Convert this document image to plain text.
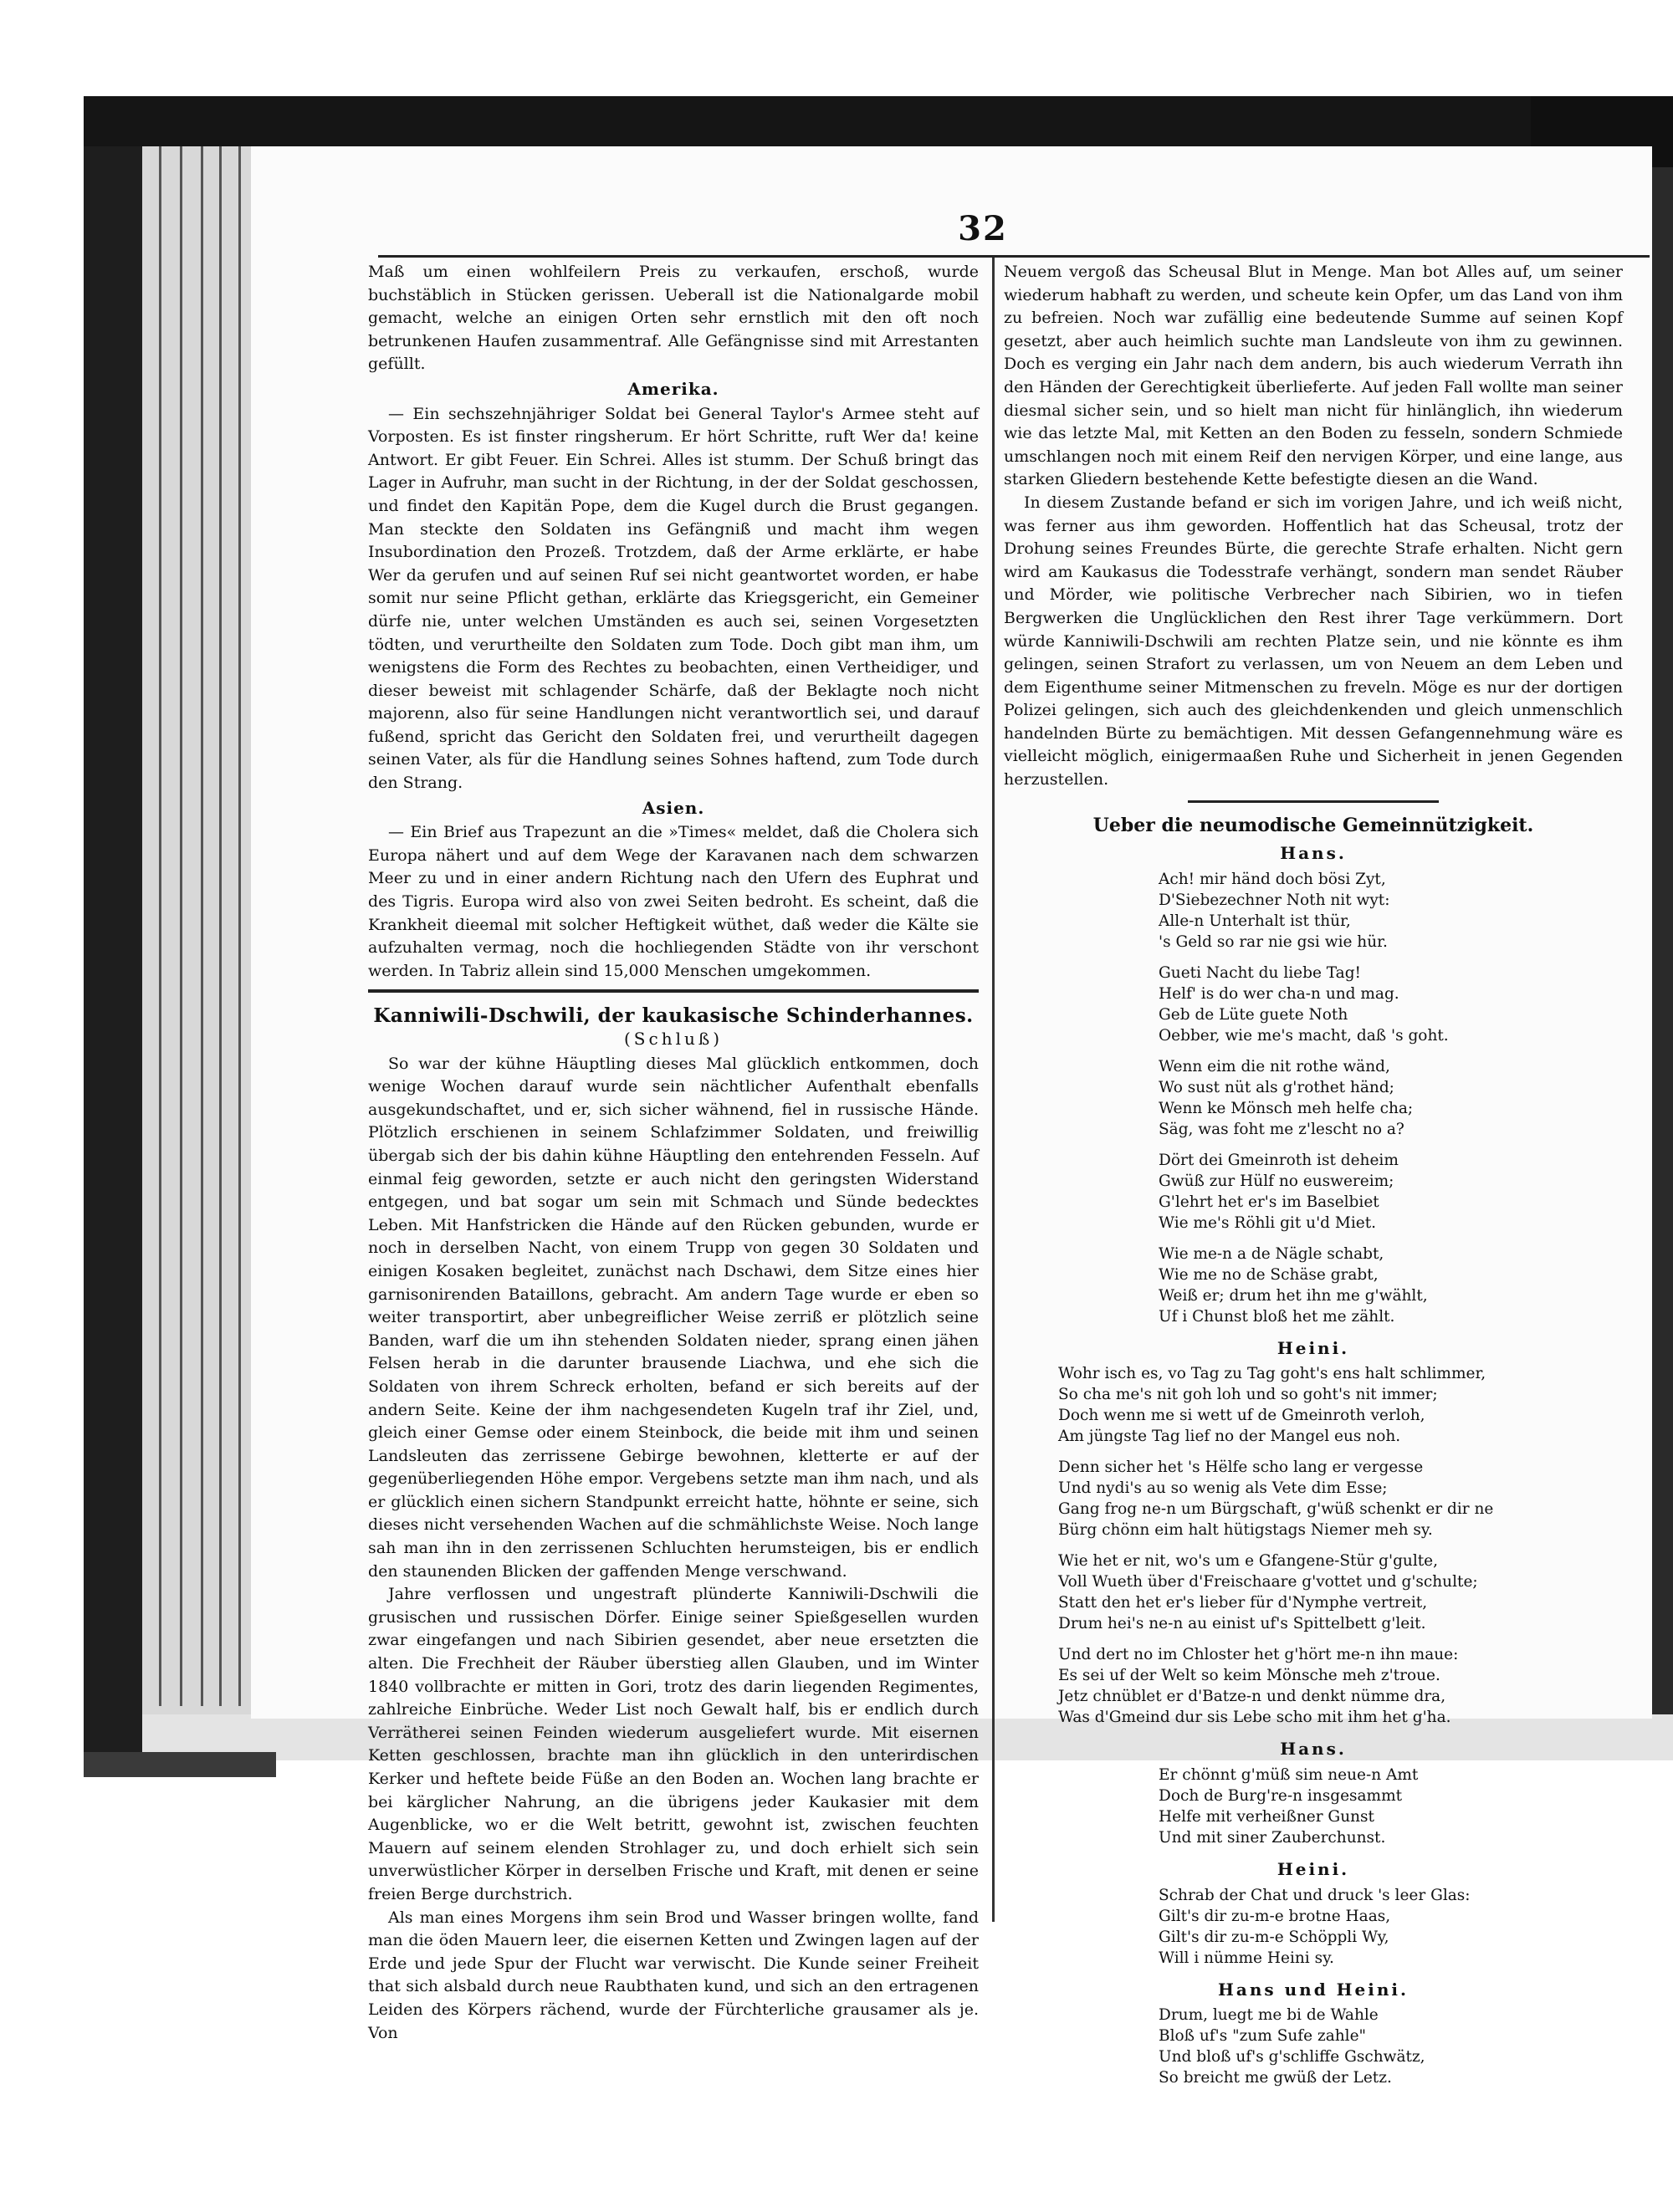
32

Maß um einen wohlfeilern Preis zu verkaufen, erschoß, wurde buchstäblich in Stücken gerissen. Ueberall ist die Nationalgarde mobil gemacht, welche an einigen Orten sehr ernstlich mit den oft noch betrunkenen Haufen zusammentraf. Alle Gefängnisse sind mit Arrestanten gefüllt.

Amerika.

— Ein sechszehnjähriger Soldat bei General Taylor's Armee steht auf Vorposten. Es ist finster ringsherum. Er hört Schritte, ruft Wer da! keine Antwort. Er gibt Feuer. Ein Schrei. Alles ist stumm. Der Schuß bringt das Lager in Aufruhr, man sucht in der Richtung, in der der Soldat geschossen, und findet den Kapitän Pope, dem die Kugel durch die Brust gegangen. Man steckte den Soldaten ins Gefängniß und macht ihm wegen Insubordination den Prozeß. Trotzdem, daß der Arme erklärte, er habe Wer da gerufen und auf seinen Ruf sei nicht geantwortet worden, er habe somit nur seine Pflicht gethan, erklärte das Kriegsgericht, ein Gemeiner dürfe nie, unter welchen Umständen es auch sei, seinen Vorgesetzten tödten, und verurtheilte den Soldaten zum Tode. Doch gibt man ihm, um wenigstens die Form des Rechtes zu beobachten, einen Vertheidiger, und dieser beweist mit schlagender Schärfe, daß der Beklagte noch nicht majorenn, also für seine Handlungen nicht verantwortlich sei, und darauf fußend, spricht das Gericht den Soldaten frei, und verurtheilt dagegen seinen Vater, als für die Handlung seines Sohnes haftend, zum Tode durch den Strang.

Asien.

— Ein Brief aus Trapezunt an die »Times« meldet, daß die Cholera sich Europa nähert und auf dem Wege der Karavanen nach dem schwarzen Meer zu und in einer andern Richtung nach den Ufern des Euphrat und des Tigris. Europa wird also von zwei Seiten bedroht. Es scheint, daß die Krankheit dieemal mit solcher Heftigkeit wüthet, daß weder die Kälte sie aufzuhalten vermag, noch die hochliegenden Städte von ihr verschont werden. In Tabriz allein sind 15,000 Menschen umgekommen.

Kanniwili-Dschwili, der kaukasische Schinderhannes.
(Schluß)

So war der kühne Häuptling dieses Mal glücklich entkommen, doch wenige Wochen darauf wurde sein nächtlicher Aufenthalt ebenfalls ausgekundschaftet, und er, sich sicher wähnend, fiel in russische Hände. Plötzlich erschienen in seinem Schlafzimmer Soldaten, und freiwillig übergab sich der bis dahin kühne Häuptling den entehrenden Fesseln. Auf einmal feig geworden, setzte er auch nicht den geringsten Widerstand entgegen, und bat sogar um sein mit Schmach und Sünde bedecktes Leben. Mit Hanfstricken die Hände auf den Rücken gebunden, wurde er noch in derselben Nacht, von einem Trupp von gegen 30 Soldaten und einigen Kosaken begleitet, zunächst nach Dschawi, dem Sitze eines hier garnisonirenden Bataillons, gebracht. Am andern Tage wurde er eben so weiter transportirt, aber unbegreiflicher Weise zerriß er plötzlich seine Banden, warf die um ihn stehenden Soldaten nieder, sprang einen jähen Felsen herab in die darunter brausende Liachwa, und ehe sich die Soldaten von ihrem Schreck erholten, befand er sich bereits auf der andern Seite. Keine der ihm nachgesendeten Kugeln traf ihr Ziel, und, gleich einer Gemse oder einem Steinbock, die beide mit ihm und seinen Landsleuten das zerrissene Gebirge bewohnen, kletterte er auf der gegenüberliegenden Höhe empor. Vergebens setzte man ihm nach, und als er glücklich einen sichern Standpunkt erreicht hatte, höhnte er seine, sich dieses nicht versehenden Wachen auf die schmählichste Weise. Noch lange sah man ihn in den zerrissenen Schluchten herumsteigen, bis er endlich den staunenden Blicken der gaffenden Menge verschwand.

Jahre verflossen und ungestraft plünderte Kanniwili-Dschwili die grusischen und russischen Dörfer. Einige seiner Spießgesellen wurden zwar eingefangen und nach Sibirien gesendet, aber neue ersetzten die alten. Die Frechheit der Räuber überstieg allen Glauben, und im Winter 1840 vollbrachte er mitten in Gori, trotz des darin liegenden Regimentes, zahlreiche Einbrüche. Weder List noch Gewalt half, bis er endlich durch Verrätherei seinen Feinden wiederum ausgeliefert wurde. Mit eisernen Ketten geschlossen, brachte man ihn glücklich in den unterirdischen Kerker und heftete beide Füße an den Boden an. Wochen lang brachte er bei kärglicher Nahrung, an die übrigens jeder Kaukasier mit dem Augenblicke, wo er die Welt betritt, gewohnt ist, zwischen feuchten Mauern auf seinem elenden Strohlager zu, und doch erhielt sich sein unverwüstlicher Körper in derselben Frische und Kraft, mit denen er seine freien Berge durchstrich.

Als man eines Morgens ihm sein Brod und Wasser bringen wollte, fand man die öden Mauern leer, die eisernen Ketten und Zwingen lagen auf der Erde und jede Spur der Flucht war verwischt. Die Kunde seiner Freiheit that sich alsbald durch neue Raubthaten kund, und sich an den ertragenen Leiden des Körpers rächend, wurde der Fürchterliche grausamer als je. Von

Neuem vergoß das Scheusal Blut in Menge. Man bot Alles auf, um seiner wiederum habhaft zu werden, und scheute kein Opfer, um das Land von ihm zu befreien. Noch war zufällig eine bedeutende Summe auf seinen Kopf gesetzt, aber auch heimlich suchte man Landsleute von ihm zu gewinnen. Doch es verging ein Jahr nach dem andern, bis auch wiederum Verrath ihn den Händen der Gerechtigkeit überlieferte. Auf jeden Fall wollte man seiner diesmal sicher sein, und so hielt man nicht für hinlänglich, ihn wiederum wie das letzte Mal, mit Ketten an den Boden zu fesseln, sondern Schmiede umschlangen noch mit einem Reif den nervigen Körper, und eine lange, aus starken Gliedern bestehende Kette befestigte diesen an die Wand.

In diesem Zustande befand er sich im vorigen Jahre, und ich weiß nicht, was ferner aus ihm geworden. Hoffentlich hat das Scheusal, trotz der Drohung seines Freundes Bürte, die gerechte Strafe erhalten. Nicht gern wird am Kaukasus die Todesstrafe verhängt, sondern man sendet Räuber und Mörder, wie politische Verbrecher nach Sibirien, wo in tiefen Bergwerken die Unglücklichen den Rest ihrer Tage verkümmern. Dort würde Kanniwili-Dschwili am rechten Platze sein, und nie könnte es ihm gelingen, seinen Strafort zu verlassen, um von Neuem an dem Leben und dem Eigenthume seiner Mitmenschen zu freveln. Möge es nur der dortigen Polizei gelingen, sich auch des gleichdenkenden und gleich unmenschlich handelnden Bürte zu bemächtigen. Mit dessen Gefangennehmung wäre es vielleicht möglich, einigermaaßen Ruhe und Sicherheit in jenen Gegenden herzustellen.

Ueber die neumodische Gemeinnützigkeit.
Hans.
Ach! mir händ doch bösi Zyt,
D'Siebezechner Noth nit wyt:
Alle-n Unterhalt ist thür,
's Geld so rar nie gsi wie hür.
Gueti Nacht du liebe Tag!
Helf' is do wer cha-n und mag.
Geb de Lüte guete Noth
Oebber, wie me's macht, daß 's goht.
Wenn eim die nit rothe wänd,
Wo sust nüt als g'rothet händ;
Wenn ke Mönsch meh helfe cha;
Säg, was foht me z'lescht no a?
Dört dei Gmeinroth ist deheim
Gwüß zur Hülf no euswereim;
G'lehrt het er's im Baselbiet
Wie me's Röhli git u'd Miet.
Wie me-n a de Nägle schabt,
Wie me no de Schäse grabt,
Weiß er; drum het ihn me g'wählt,
Uf i Chunst bloß het me zählt.
Heini.
Wohr isch es, vo Tag zu Tag goht's ens halt schlimmer,
So cha me's nit goh loh und so goht's nit immer;
Doch wenn me si wett uf de Gmeinroth verloh,
Am jüngste Tag lief no der Mangel eus noh.
Denn sicher het 's Hëlfe scho lang er vergesse
Und nydi's au so wenig als Vete dim Esse;
Gang frog ne-n um Bürgschaft, g'wüß schenkt er dir ne
Bürg chönn eim halt hütigstags Niemer meh sy.
Wie het er nit, wo's um e Gfangene-Stür g'gulte,
Voll Wueth über d'Freischaare g'vottet und g'schulte;
Statt den het er's lieber für d'Nymphe vertreit,
Drum hei's ne-n au einist uf's Spittelbett g'leit.
Und dert no im Chloster het g'hört me-n ihn maue:
Es sei uf der Welt so keim Mönsche meh z'troue.
Jetz chnüblet er d'Batze-n und denkt nümme dra,
Was d'Gmeind dur sis Lebe scho mit ihm het g'ha.
Hans.
Er chönnt g'müß sim neue-n Amt
Doch de Burg're-n insgesammt
Helfe mit verheißner Gunst
Und mit siner Zauberchunst.
Heini.
Schrab der Chat und druck 's leer Glas:
Gilt's dir zu-m-e brotne Haas,
Gilt's dir zu-m-e Schöppli Wy,
Will i nümme Heini sy.
Hans und Heini.
Drum, luegt me bi de Wahle
Bloß uf's "zum Sufe zahle"
Und bloß uf's g'schliffe Gschwätz,
So breicht me gwüß der Letz.
